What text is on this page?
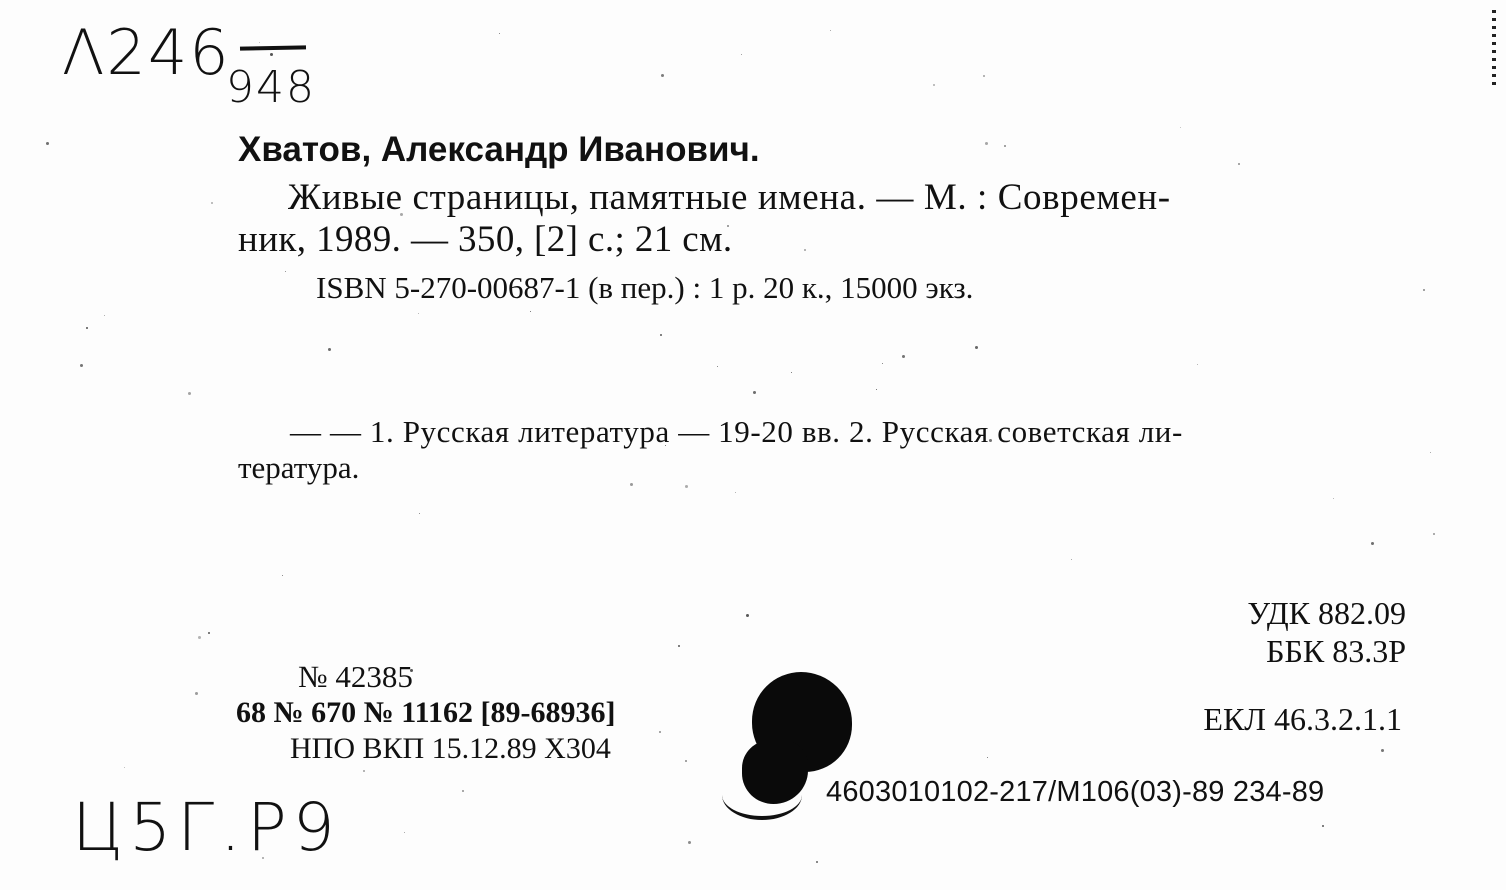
Λ246
948
Хватов, Александр Иванович.
Живые страницы, памятные имена. — М. : Современ-
ник, 1989. — 350, [2] с.; 21 см.
ISBN 5-270-00687-1 (в пер.) : 1 р. 20 к., 15000 экз.
— — 1. Русская литература — 19-20 вв. 2. Русская советская ли-
тература.
УДК 882.09
ББК 83.3Р
ЕКЛ 46.3.2.1.1
№ 42385
68 № 670 № 11162 [89-68936]
НПО ВКП 15.12.89 Х304
4603010102-217/М106(03)-89 234-89
Ц5Г.Р9
